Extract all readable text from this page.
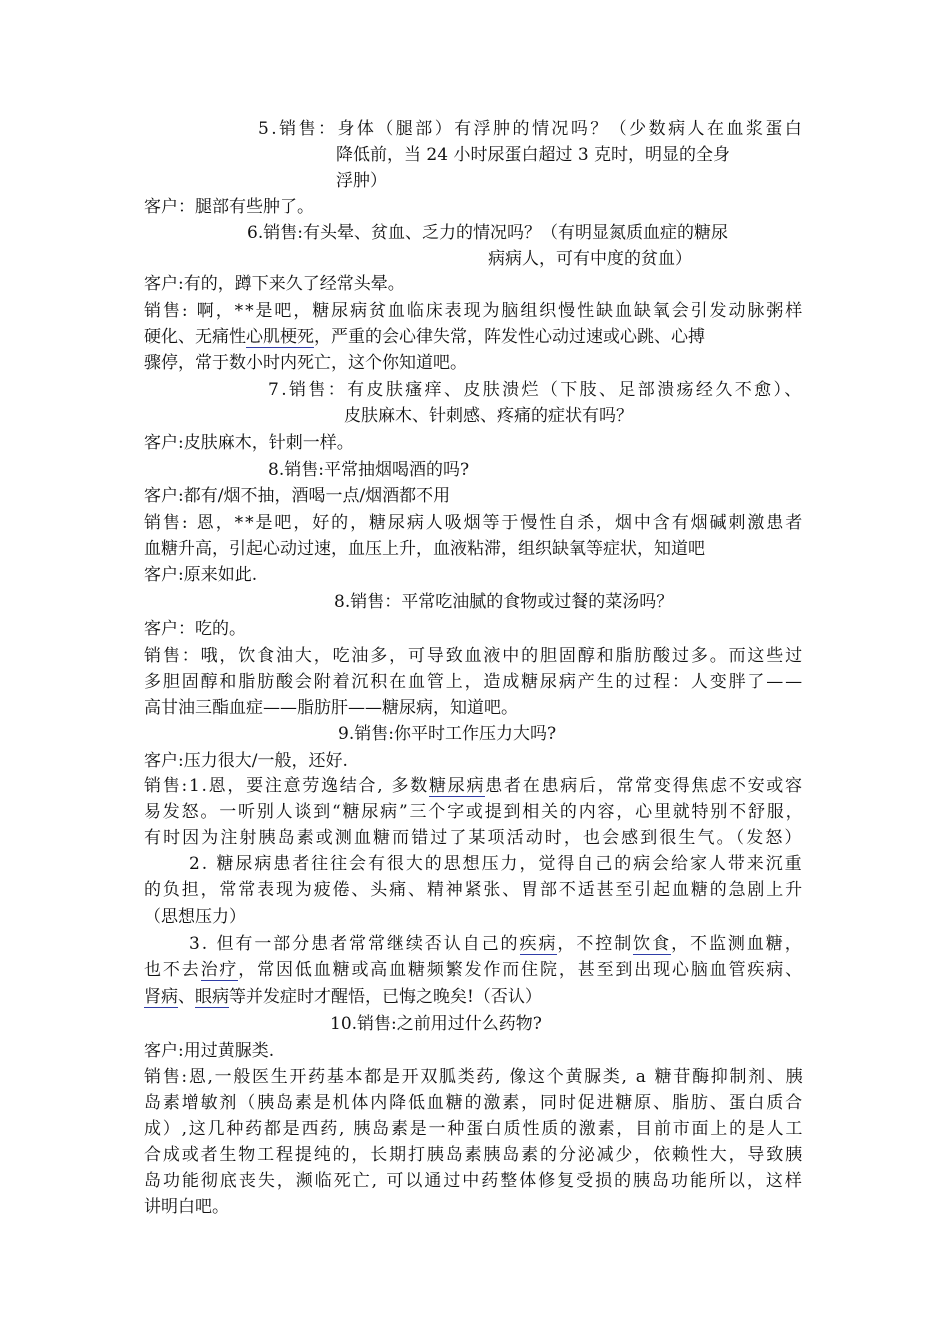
5.销售：身体（腿部）有浮肿的情况吗？（少数病人在血浆蛋白
降低前，当 24 小时尿蛋白超过 3 克时，明显的全身
浮肿）
客户：腿部有些肿了。
6.销售:有头晕、贫血、乏力的情况吗？（有明显氮质血症的糖尿
病病人，可有中度的贫血）
客户:有的，蹲下来久了经常头晕。
销售: 啊，**是吧，糖尿病贫血临床表现为脑组织慢性缺血缺氧会引发动脉粥样
硬化、无痛性心肌梗死，严重的会心律失常，阵发性心动过速或心跳、心搏
骤停，常于数小时内死亡，这个你知道吧。
7.销售：有皮肤瘙痒、皮肤溃烂（下肢、足部溃疡经久不愈）、
皮肤麻木、针刺感、疼痛的症状有吗？
客户:皮肤麻木，针刺一样。
8.销售:平常抽烟喝酒的吗?
客户:都有/烟不抽，酒喝一点/烟酒都不用
销售: 恩，**是吧，好的，糖尿病人吸烟等于慢性自杀，烟中含有烟碱刺激患者
血糖升高，引起心动过速，血压上升，血液粘滞，组织缺氧等症状，知道吧
客户:原来如此.
8.销售：平常吃油腻的食物或过餐的菜汤吗？
客户：吃的。
销售：哦，饮食油大，吃油多，可导致血液中的胆固醇和脂肪酸过多。而这些过
多胆固醇和脂肪酸会附着沉积在血管上，造成糖尿病产生的过程：人变胖了——
高甘油三酯血症——脂肪肝——糖尿病，知道吧。
9.销售:你平时工作压力大吗?
客户:压力很大/一般，还好.
销售:1.恩，要注意劳逸结合, 多数糖尿病患者在患病后，常常变得焦虑不安或容
易发怒。一听别人谈到“糖尿病”三个字或提到相关的内容，心里就特别不舒服，
有时因为注射胰岛素或测血糖而错过了某项活动时，也会感到很生气。（发怒）
2. 糖尿病患者往往会有很大的思想压力，觉得自己的病会给家人带来沉重
的负担，常常表现为疲倦、头痛、精神紧张、胃部不适甚至引起血糖的急剧上升
（思想压力）
3. 但有一部分患者常常继续否认自己的疾病，不控制饮食，不监测血糖，
也不去治疗，常因低血糖或高血糖频繁发作而住院，甚至到出现心脑血管疾病、
肾病、眼病等并发症时才醒悟，已悔之晚矣!（否认）
10.销售:之前用过什么药物?
客户:用过黄脲类.
销售:恩,一般医生开药基本都是开双胍类药, 像这个黄脲类, a 糖苷酶抑制剂、胰
岛素增敏剂（胰岛素是机体内降低血糖的激素，同时促进糖原、脂肪、蛋白质合
成）,这几种药都是西药, 胰岛素是一种蛋白质性质的激素，目前市面上的是人工
合成或者生物工程提纯的，长期打胰岛素胰岛素的分泌减少，依赖性大，导致胰
岛功能彻底丧失，濒临死亡, 可以通过中药整体修复受损的胰岛功能所以，这样
讲明白吧。
